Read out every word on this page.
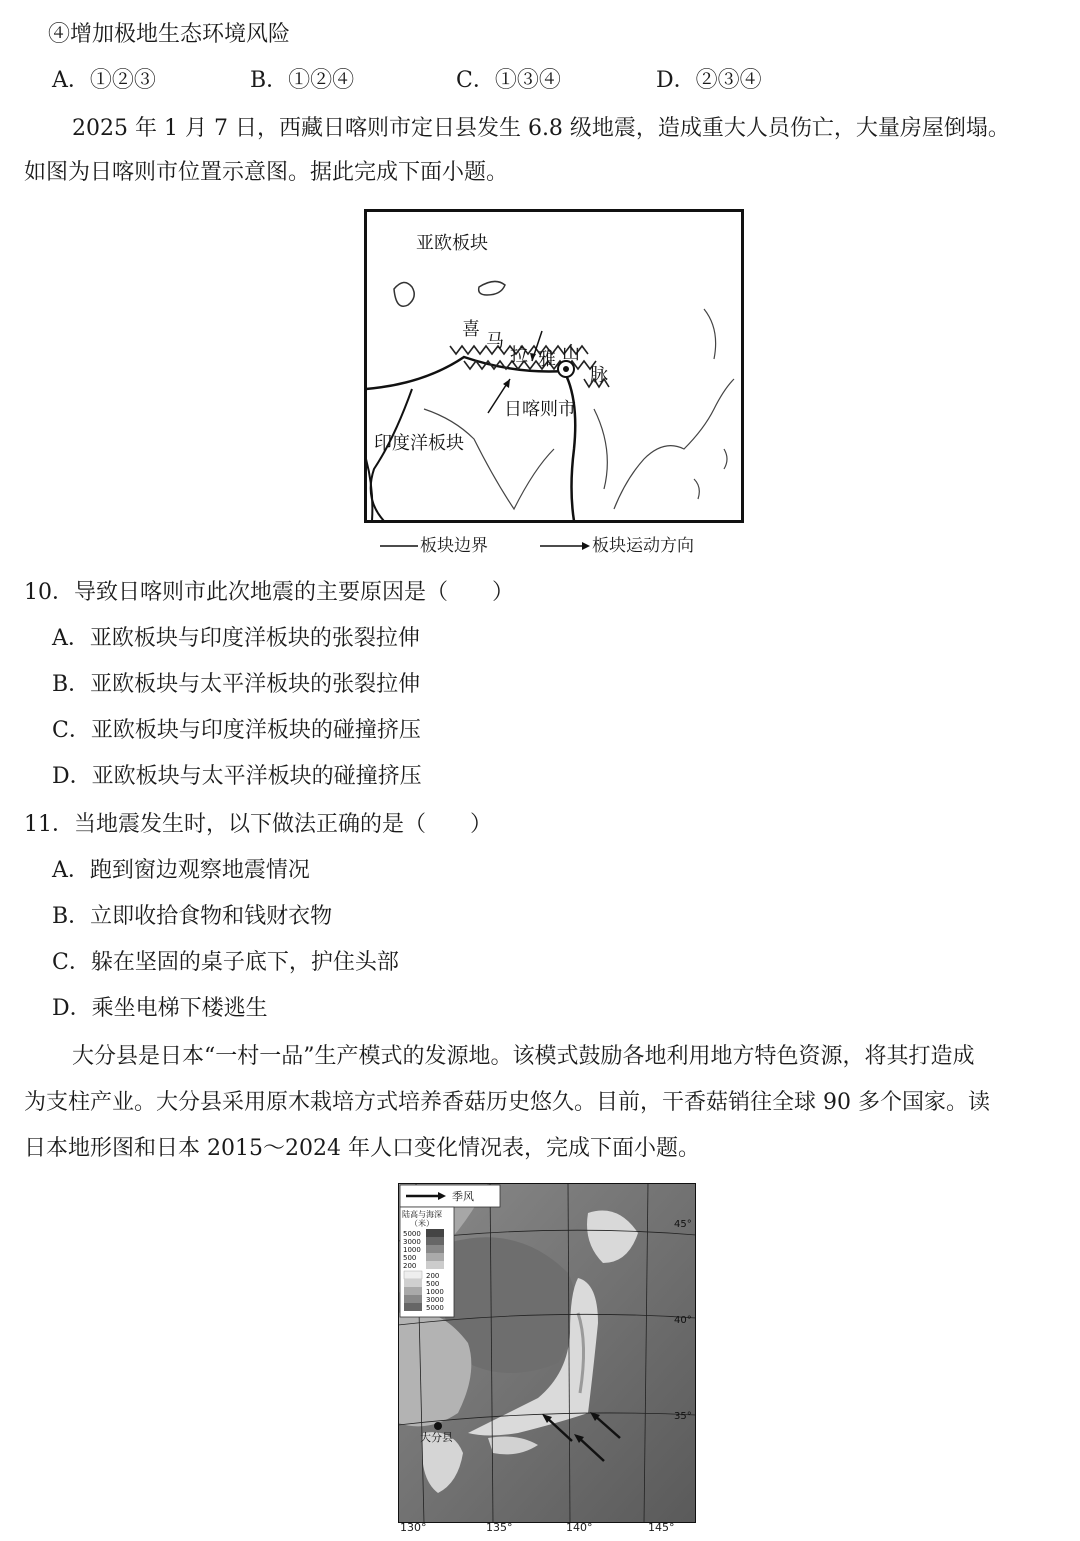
④增加极地生态环境风险
A．①②③	B．①②④	C．①③④	D．②③④
2025 年 1 月 7 日，西藏日喀则市定日县发生 6.8 级地震，造成重大人员伤亡，大量房屋倒塌。
如图为日喀则市位置示意图。据此完成下面小题。
亚欧板块
印度洋板块
喜
马
拉 雅 山
脉
日喀则市
板块边界	板块运动方向
10．导致日喀则市此次地震的主要原因是（　　）
A．亚欧板块与印度洋板块的张裂拉伸
B．亚欧板块与太平洋板块的张裂拉伸
C．亚欧板块与印度洋板块的碰撞挤压
D．亚欧板块与太平洋板块的碰撞挤压
11．当地震发生时，以下做法正确的是（　　）
A．跑到窗边观察地震情况
B．立即收拾食物和钱财衣物
C．躲在坚固的桌子底下，护住头部
D．乘坐电梯下楼逃生
大分县是日本“一村一品”生产模式的发源地。该模式鼓励各地利用地方特色资源，将其打造成
为支柱产业。大分县采用原木栽培方式培养香菇历史悠久。目前，干香菇销往全球 90 多个国家。读
日本地形图和日本 2015～2024 年人口变化情况表，完成下面小题。
大分县
45°
40°
35°
季风
陆高与海深
（米）
5000
3000
1000
500
200
200
500
1000
3000
5000
130°	135°	140°	145°
